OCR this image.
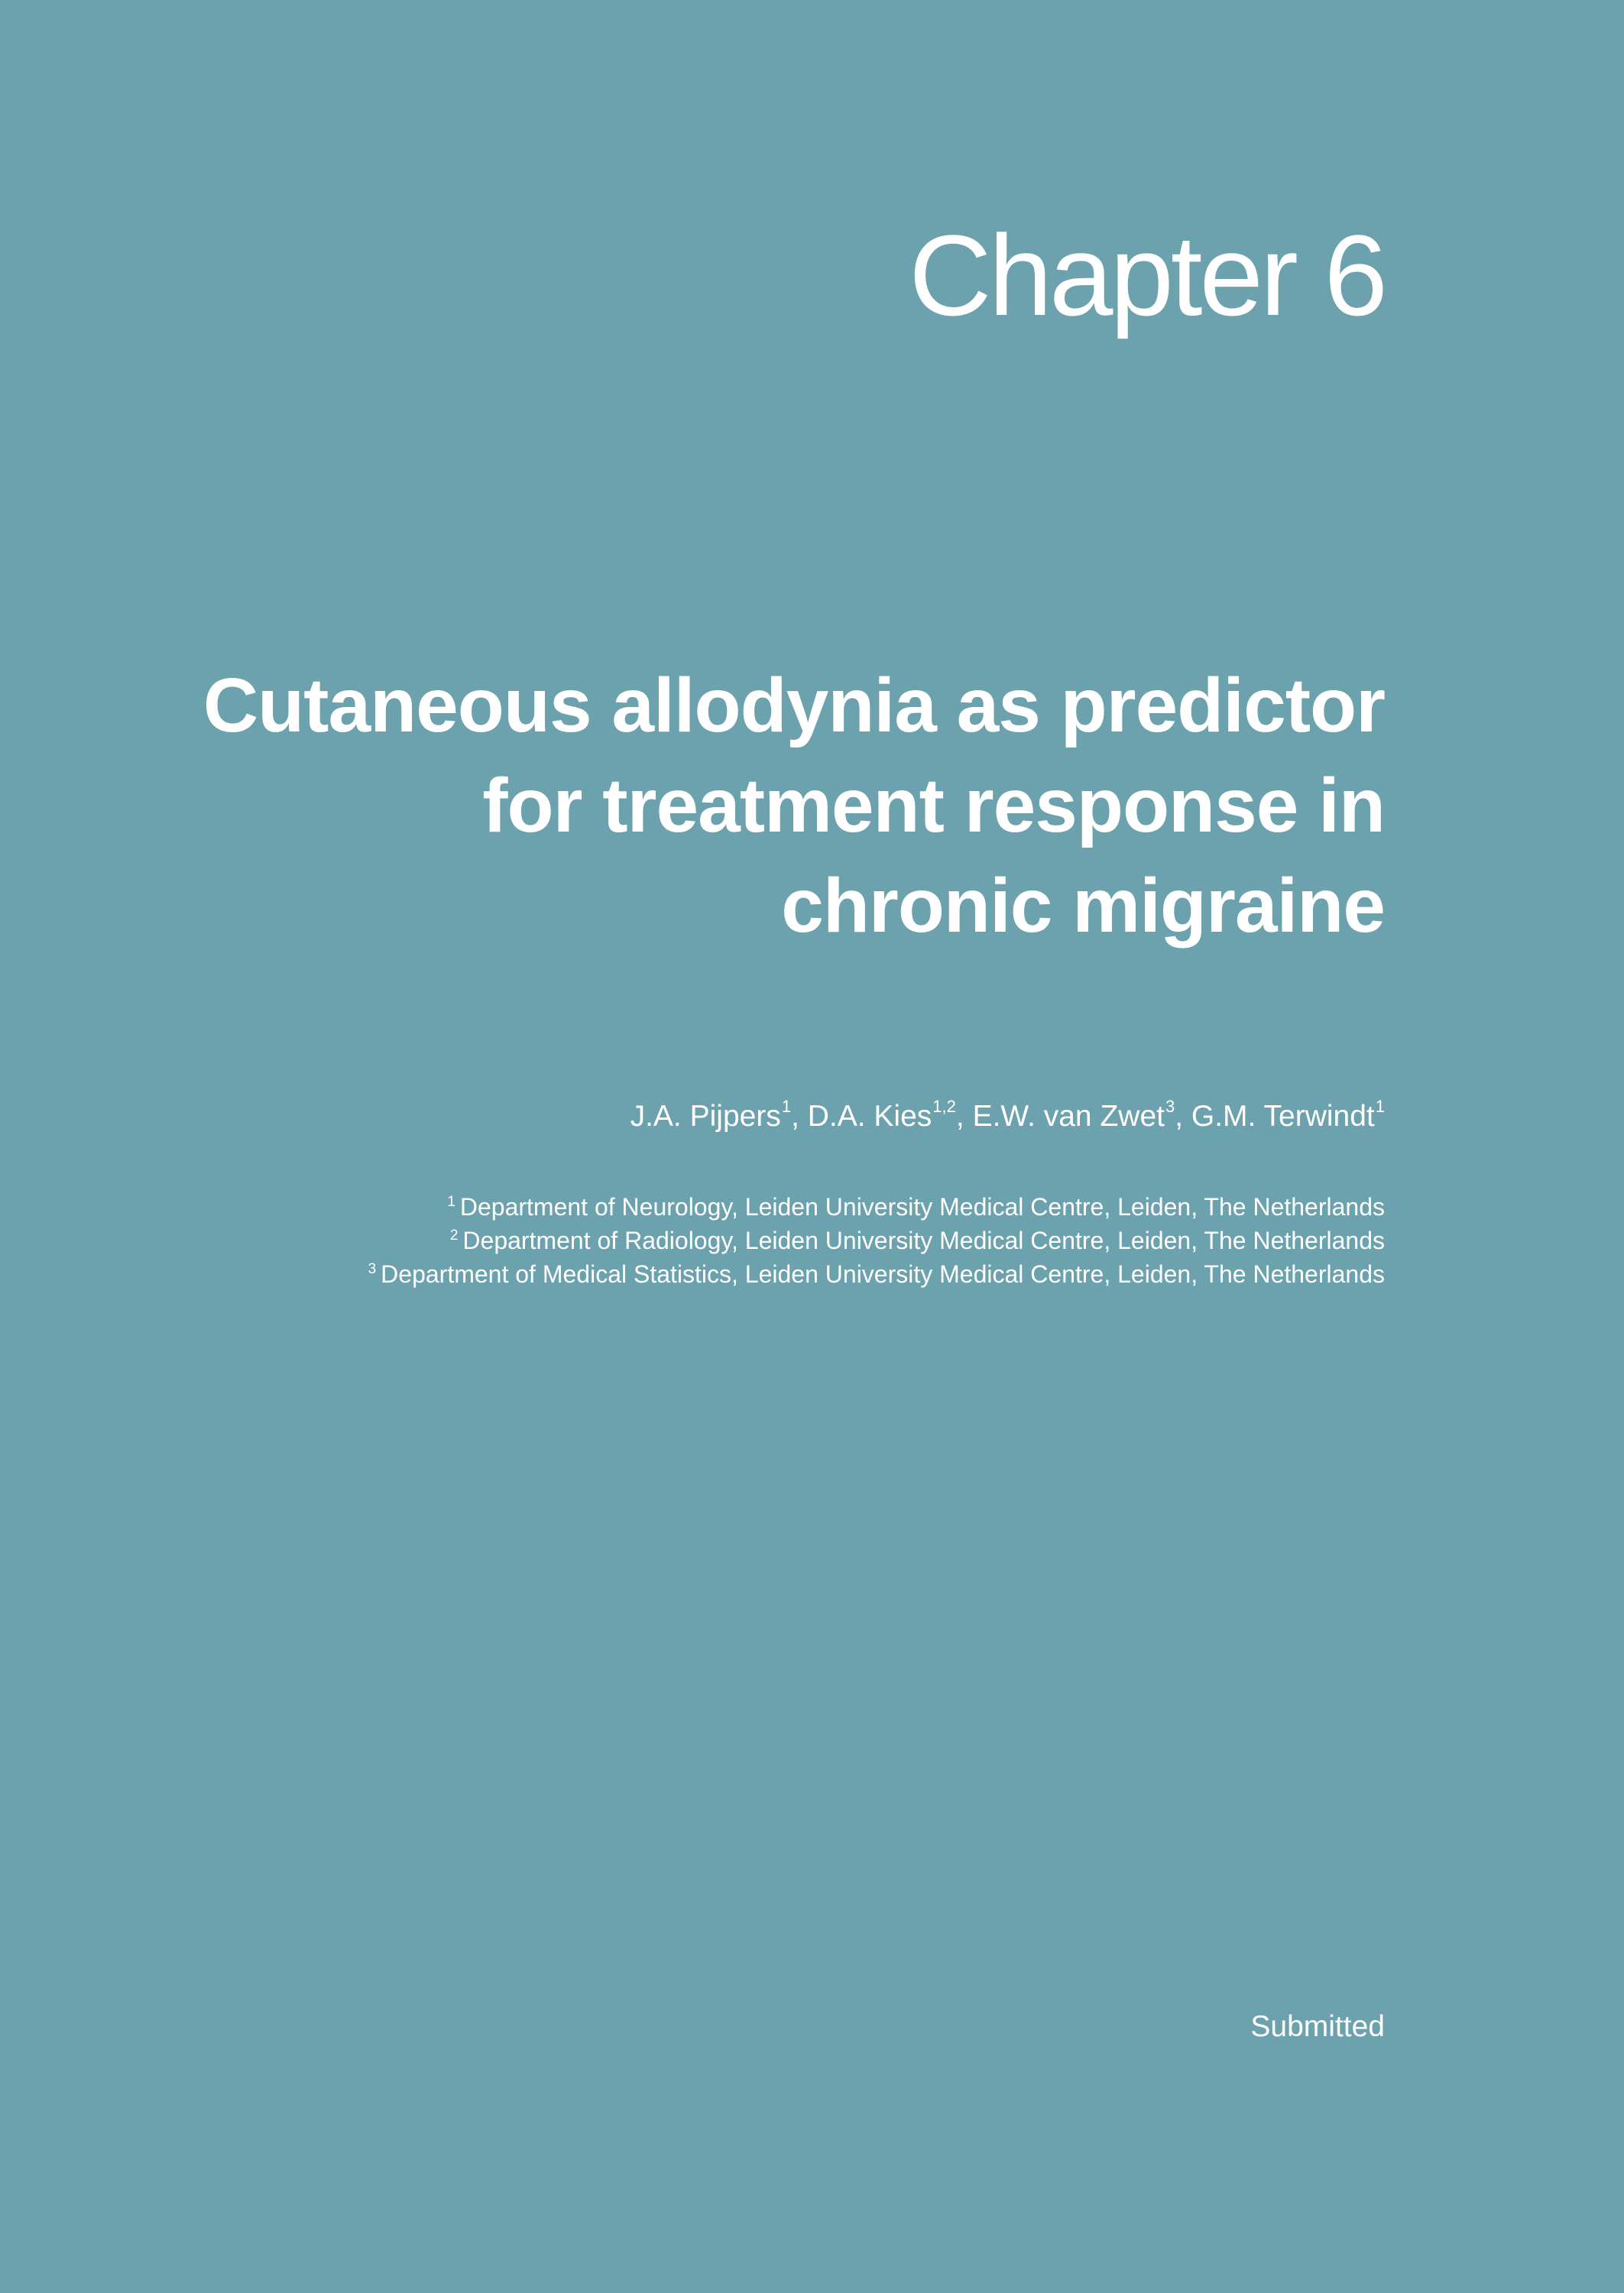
Chapter 6
Cutaneous allodynia as predictor
for treatment response in
chronic migraine
J.A. Pijpers$^1$, D.A. Kies$^{1,2}$, E.W. van Zwet$^3$, G.M. Terwindt$^1$
$^1$ Department of Neurology, Leiden University Medical Centre, Leiden, The Netherlands
$^2$ Department of Radiology, Leiden University Medical Centre, Leiden, The Netherlands
$^3$ Department of Medical Statistics, Leiden University Medical Centre, Leiden, The Netherlands
Submitted
